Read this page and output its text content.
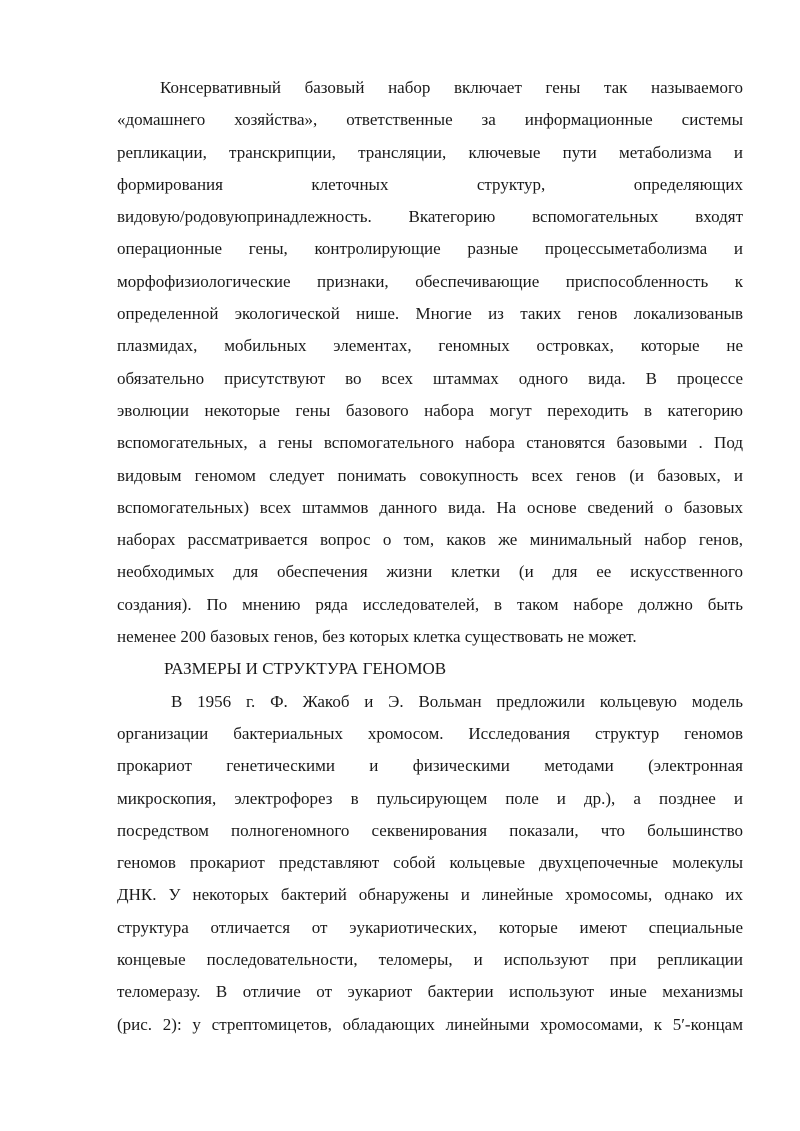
Консервативный базовый набор включает гены так называемого
«домашнего хозяйства», ответственные за информационные системы
репликации, транскрипции, трансляции, ключевые пути метаболизма и
формирования клеточных структур, определяющих
видовую/родовуюпринадлежность. Вкатегорию вспомогательных входят
операционные гены, контролирующие разные процессыметаболизма и
морфофизиологические признаки, обеспечивающие приспособленность к
определенной экологической нише. Многие из таких генов локализованыв
плазмидах, мобильных элементах, геномных островках, которые не
обязательно присутствуют во всех штаммах одного вида. В процессе
эволюции некоторые гены базового набора могут переходить в категорию
вспомогательных, а гены вспомогательного набора становятся базовыми . Под
видовым геномом следует понимать совокупность всех генов (и базовых, и
вспомогательных) всех штаммов данного вида. На основе сведений о базовых
наборах рассматривается вопрос о том, каков же минимальный набор генов,
необходимых для обеспечения жизни клетки (и для ее искусственного
создания). По мнению ряда исследователей, в таком наборе должно быть
неменее 200 базовых генов, без которых клетка существовать не может.
РАЗМЕРЫ И СТРУКТУРА ГЕНОМОВ
В 1956 г. Ф. Жакоб и Э. Вольман предложили кольцевую модель
организации бактериальных хромосом. Исследования структур геномов
прокариот генетическими и физическими методами (электронная
микроскопия, электрофорез в пульсирующем поле и др.), а позднее и
посредством полногеномного секвенирования показали, что большинство
геномов прокариот представляют собой кольцевые двухцепочечные молекулы
ДНК. У некоторых бактерий обнаружены и линейные хромосомы, однако их
структура отличается от эукариотических, которые имеют специальные
концевые последовательности, теломеры, и используют при репликации
теломеразу. В отличие от эукариот бактерии используют иные механизмы
(рис. 2): у стрептомицетов, обладающих линейными хромосомами, к 5′-концам
